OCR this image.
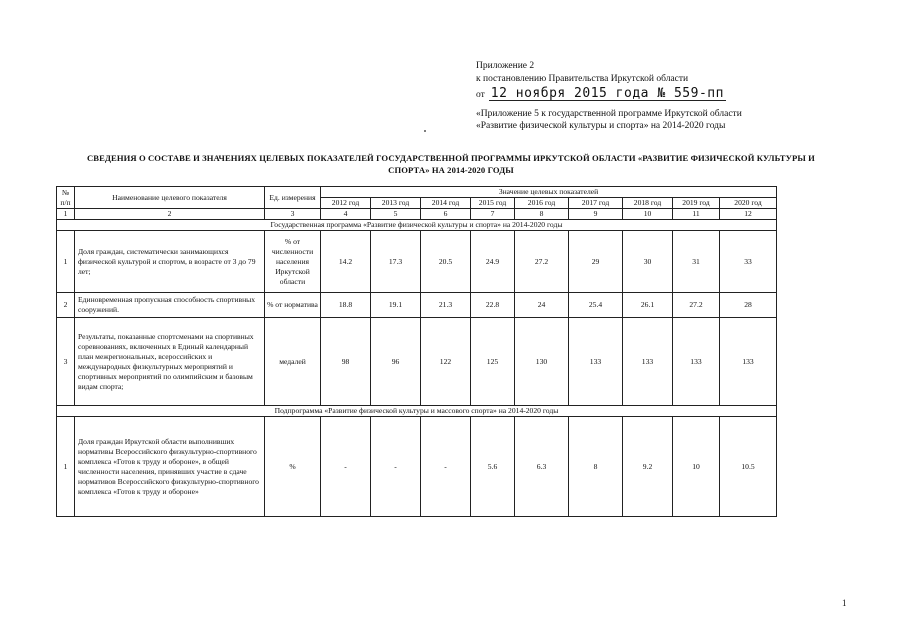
Приложение 2
к постановлению Правительства Иркутской области
от 12 ноября 2015 года № 559-пп
«Приложение 5 к государственной программе Иркутской области
«Развитие физической культуры и спорта» на 2014-2020 годы
СВЕДЕНИЯ О СОСТАВЕ И ЗНАЧЕНИЯХ ЦЕЛЕВЫХ ПОКАЗАТЕЛЕЙ ГОСУДАРСТВЕННОЙ ПРОГРАММЫ ИРКУТСКОЙ ОБЛАСТИ «РАЗВИТИЕ ФИЗИЧЕСКОЙ КУЛЬТУРЫ И
СПОРТА» НА 2014-2020 ГОДЫ
№ п/п	Наименование целевого показателя	Ед. измерения	Значение целевых показателей								
			2012 год	2013 год	2014 год	2015 год	2016 год	2017 год	2018 год	2019 год	2020 год
1	2	3	4	5	6	7	8	9	10	11	12
Государственная программа «Развитие физической культуры и спорта» на 2014-2020 годы											
1	Доля граждан, систематически занимающихся физической культурой и спортом, в возрасте от 3 до 79 лет;	% от численности населения Иркутской области	14.2	17.3	20.5	24.9	27.2	29	30	31	33
2	Единовременная пропускная способность спортивных сооружений.	% от норматива	18.8	19.1	21.3	22.8	24	25.4	26.1	27.2	28
3	Результаты, показанные спортсменами на спортивных соревнованиях, включенных в Единый календарный план межрегиональных, всероссийских и международных физкультурных мероприятий и спортивных мероприятий по олимпийским и базовым видам спорта;	медалей	98	96	122	125	130	133	133	133	133
Подпрограмма «Развитие физической культуры и массового спорта» на 2014-2020 годы											
1	Доля граждан Иркутской области выполнивших нормативы Всероссийского физкультурно-спортивного комплекса «Готов к труду и обороне», в общей численности населения, принявших участие в сдаче нормативов Всероссийского физкультурно-спортивного комплекса «Готов к труду и обороне»	%	-	-	-	5.6	6.3	8	9.2	10	10.5
1
